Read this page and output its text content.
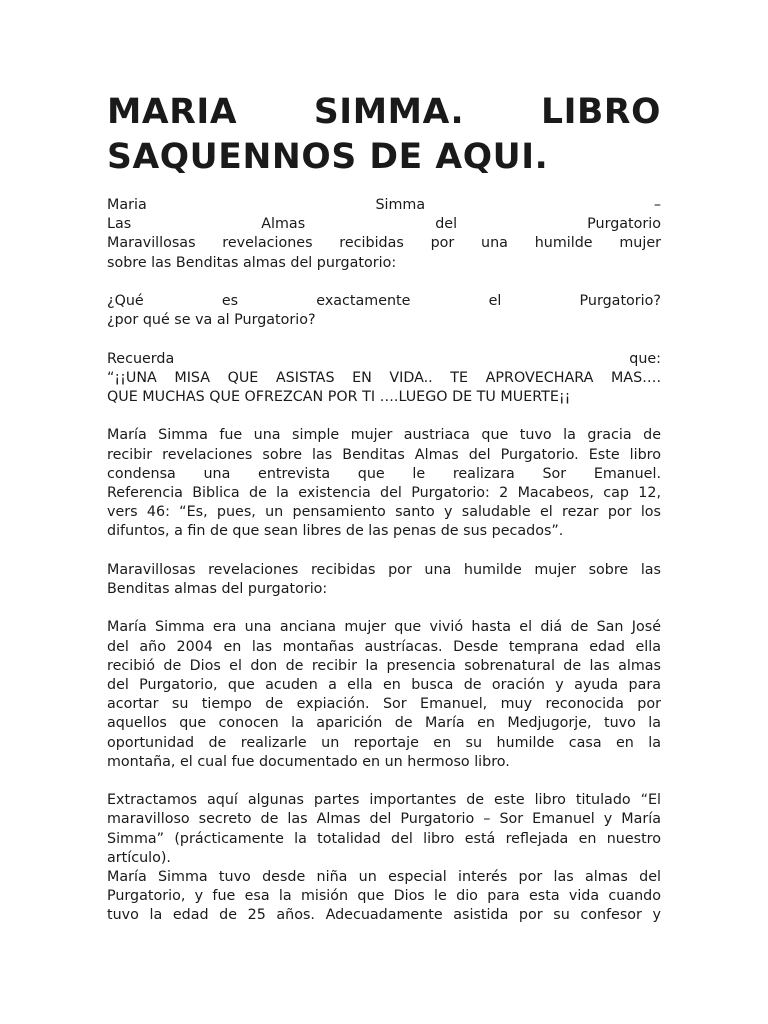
MARIA SIMMA. LIBRO
SAQUENNOS DE AQUI.
Maria Simma –
Las Almas del Purgatorio
Maravillosas revelaciones recibidas por una humilde mujer
sobre las Benditas almas del purgatorio:
¿Qué es exactamente el Purgatorio?
¿por qué se va al Purgatorio?
Recuerda que:
“¡¡UNA MISA QUE ASISTAS EN VIDA.. TE APROVECHARA MAS….
QUE MUCHAS QUE OFREZCAN POR TI ….LUEGO DE TU MUERTE¡¡
María Simma fue una simple mujer austriaca que tuvo la gracia de
recibir revelaciones sobre las Benditas Almas del Purgatorio. Este libro
condensa una entrevista que le realizara Sor Emanuel.
Referencia Biblica de la existencia del Purgatorio: 2 Macabeos, cap 12,
vers 46: “Es, pues, un pensamiento santo y saludable el rezar por los
difuntos, a fin de que sean libres de las penas de sus pecados”.
Maravillosas revelaciones recibidas por una humilde mujer sobre las
Benditas almas del purgatorio:
María Simma era una anciana mujer que vivió hasta el diá de San José
del año 2004 en las montañas austríacas. Desde temprana edad ella
recibió de Dios el don de recibir la presencia sobrenatural de las almas
del Purgatorio, que acuden a ella en busca de oración y ayuda para
acortar su tiempo de expiación. Sor Emanuel, muy reconocida por
aquellos que conocen la aparición de María en Medjugorje, tuvo la
oportunidad de realizarle un reportaje en su humilde casa en la
montaña, el cual fue documentado en un hermoso libro.
Extractamos aquí algunas partes importantes de este libro titulado “El
maravilloso secreto de las Almas del Purgatorio – Sor Emanuel y María
Simma” (prácticamente la totalidad del libro está reflejada en nuestro
artículo).
María Simma tuvo desde niña un especial interés por las almas del
Purgatorio, y fue esa la misión que Dios le dio para esta vida cuando
tuvo la edad de 25 años. Adecuadamente asistida por su confesor y
